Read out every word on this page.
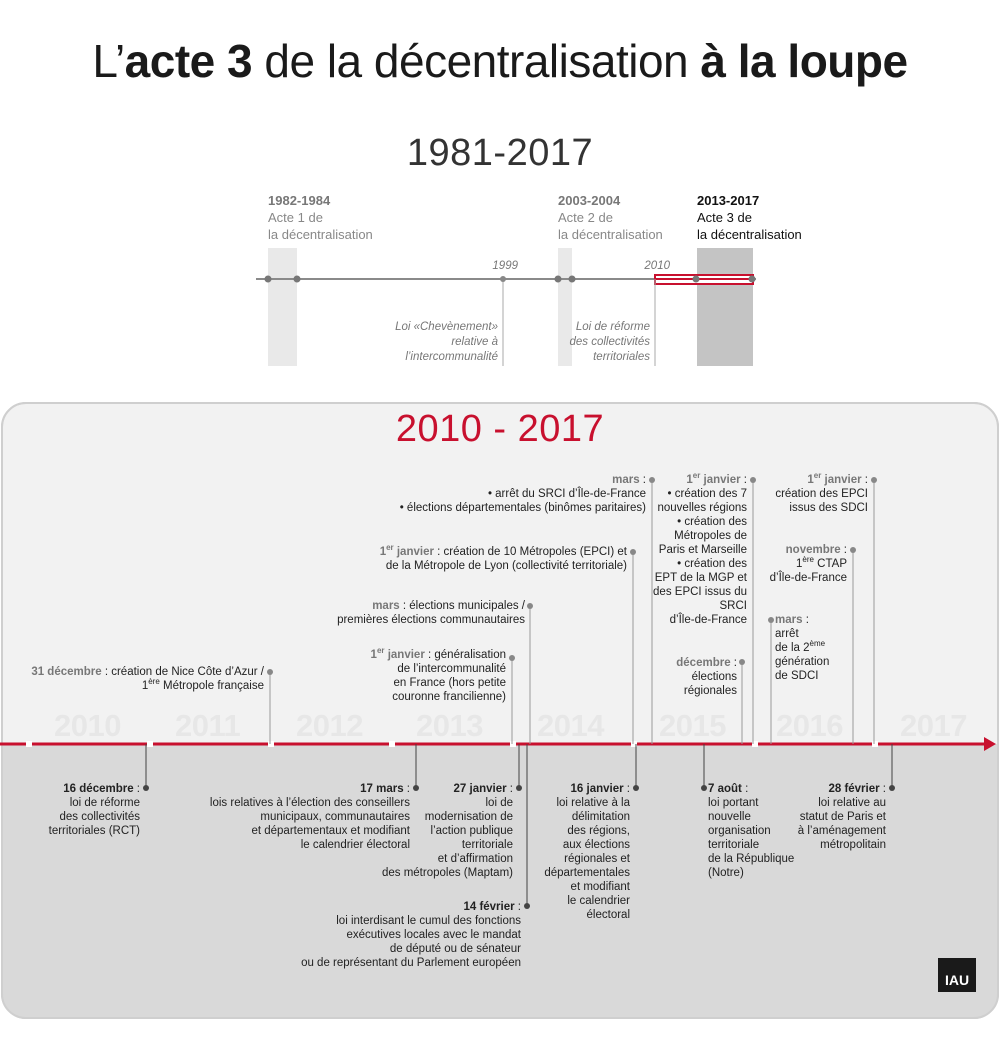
L’acte 3 de la décentralisation à la loupe
1981-2017
1982-1984
Acte 1 de
la décentralisation
2003-2004
Acte 2 de
la décentralisation
2013-2017
Acte 3 de
la décentralisation
1999	2010
Loi «Chevènement»
relative à
l’intercommunalité
Loi de réforme
des collectivités
territoriales
2010 - 2017
2010 2011 2012 2013 2014 2015 2016 2017
31 décembre : création de Nice Côte d’Azur /
1ère Métropole française
1er janvier : généralisation
de l’intercommunalité
en France (hors petite
couronne francilienne)
mars : élections municipales /
premières élections communautaires
1er janvier : création de 10 Métropoles (EPCI) et
de la Métropole de Lyon (collectivité territoriale)
mars :
• arrêt du SRCI d’Île-de-France
• élections départementales (binômes paritaires)
1er janvier :
• création des 7
nouvelles régions
• création des
Métropoles de
Paris et Marseille
• création des
EPT de la MGP et
des EPCI issus du
SRCI
d’Île-de-France
décembre :
élections
régionales
mars :
arrêt
de la 2ème
génération
de SDCI
1er janvier :
création des EPCI
issus des SDCI
novembre :
1ère CTAP
d’Île-de-France
16 décembre :
loi de réforme
des collectivités
territoriales (RCT)
17 mars :
lois relatives à l’élection des conseillers
municipaux, communautaires
et départementaux et modifiant
le calendrier électoral
27 janvier :
loi de
modernisation de
l’action publique
territoriale
et d’affirmation
des métropoles (Maptam)
14 février :
loi interdisant le cumul des fonctions
exécutives locales avec le mandat
de député ou de sénateur
ou de représentant du Parlement européen
16 janvier :
loi relative à la
délimitation
des régions,
aux élections
régionales et
départementales
et modifiant
le calendrier
électoral
7 août :
loi portant
nouvelle
organisation
territoriale
de la République
(Notre)
28 février :
loi relative au
statut de Paris et
à l’aménagement
métropolitain
IAU
